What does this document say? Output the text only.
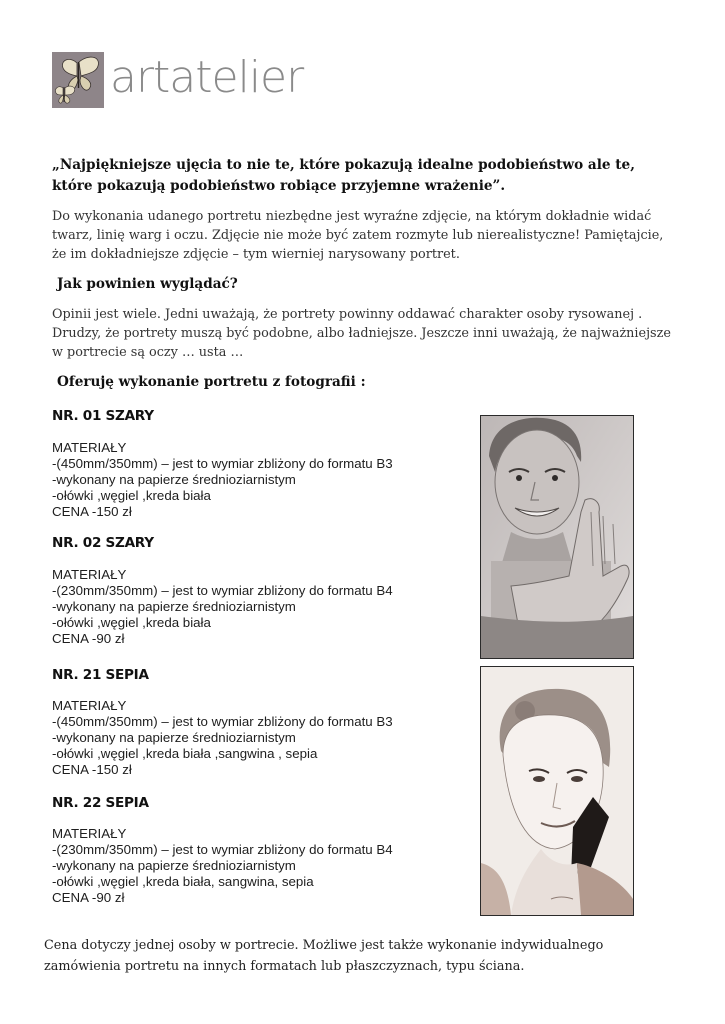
artatelier
„Najpiękniejsze ujęcia to nie te, które pokazują idealne podobieństwo ale te, które pokazują podobieństwo robiące przyjemne wrażenie”.
Do wykonania udanego portretu niezbędne jest wyraźne zdjęcie, na którym dokładnie widać twarz, linię warg i oczu. Zdjęcie nie może być zatem rozmyte lub nierealistyczne! Pamiętajcie, że im dokładniejsze zdjęcie – tym wierniej narysowany portret.
Jak powinien wyglądać?
Opinii jest wiele. Jedni uważają, że portrety powinny oddawać charakter osoby rysowanej . Drudzy, że portrety muszą być podobne, albo ładniejsze. Jeszcze inni uważają, że najważniejsze w portrecie są oczy … usta …
Oferuję wykonanie portretu z fotografii :
NR. 01 SZARY
MATERIAŁY
-(450mm/350mm) – jest to wymiar zbliżony do formatu B3
-wykonany na papierze średnioziarnistym
-ołówki ,węgiel ,kreda biała
CENA -150 zł
NR. 02 SZARY
MATERIAŁY
-(230mm/350mm) – jest to wymiar zbliżony do formatu B4
-wykonany na papierze średnioziarnistym
-ołówki ,węgiel ,kreda biała
CENA -90 zł
NR. 21 SEPIA
MATERIAŁY
-(450mm/350mm) – jest to wymiar zbliżony do formatu B3
-wykonany na papierze średnioziarnistym
-ołówki ,węgiel ,kreda biała ,sangwina , sepia
CENA -150 zł
NR. 22 SEPIA
MATERIAŁY
-(230mm/350mm) – jest to wymiar zbliżony do formatu B4
-wykonany na papierze średnioziarnistym
-ołówki ,węgiel ,kreda biała, sangwina, sepia
CENA -90 zł
Cena dotyczy jednej osoby w portrecie. Możliwe jest także wykonanie indywidualnego zamówienia portretu na innych formatach lub płaszczyznach, typu ściana.
